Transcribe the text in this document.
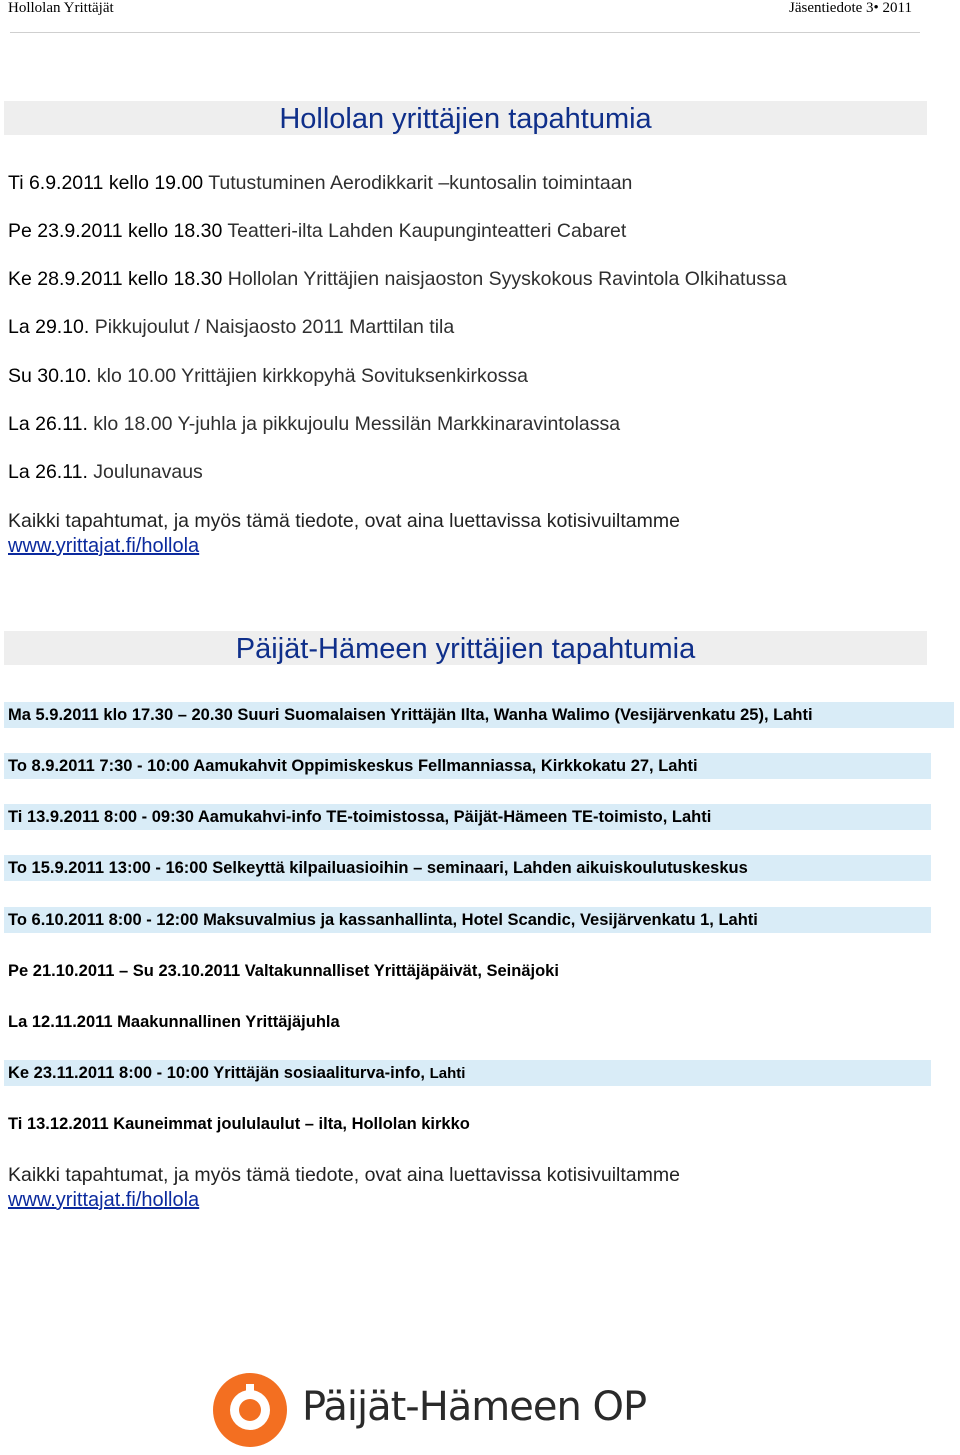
Hollolan Yrittäjät	Jäsentiedote 3• 2011
Hollolan yrittäjien tapahtumia
Ti 6.9.2011 kello 19.00 Tutustuminen Aerodikkarit –kuntosalin toimintaan
Pe 23.9.2011 kello 18.30 Teatteri-ilta Lahden Kaupunginteatteri Cabaret
Ke 28.9.2011 kello 18.30 Hollolan Yrittäjien naisjaoston Syyskokous Ravintola Olkihatussa
La 29.10. Pikkujoulut / Naisjaosto 2011 Marttilan tila
Su 30.10. klo 10.00 Yrittäjien kirkkopyhä Sovituksenkirkossa
La 26.11. klo 18.00 Y-juhla ja pikkujoulu Messilän Markkinaravintolassa
La 26.11. Joulunavaus
Kaikki tapahtumat, ja myös tämä tiedote, ovat aina luettavissa kotisivuiltamme
www.yrittajat.fi/hollola
Päijät-Hämeen yrittäjien tapahtumia
Ma 5.9.2011 klo 17.30 – 20.30 Suuri Suomalaisen Yrittäjän Ilta, Wanha Walimo (Vesijärvenkatu 25), Lahti
To 8.9.2011 7:30 - 10:00 Aamukahvit Oppimiskeskus Fellmanniassa, Kirkkokatu 27, Lahti
Ti 13.9.2011 8:00 - 09:30 Aamukahvi-info TE-toimistossa, Päijät-Hämeen TE-toimisto, Lahti
To 15.9.2011 13:00 - 16:00 Selkeyttä kilpailuasioihin – seminaari, Lahden aikuiskoulutuskeskus
To 6.10.2011 8:00 - 12:00 Maksuvalmius ja kassanhallinta, Hotel Scandic, Vesijärvenkatu 1, Lahti
Pe 21.10.2011 – Su 23.10.2011 Valtakunnalliset Yrittäjäpäivät, Seinäjoki
La 12.11.2011 Maakunnallinen Yrittäjäjuhla
Ke 23.11.2011 8:00 - 10:00 Yrittäjän sosiaaliturva-info, Lahti
Ti 13.12.2011 Kauneimmat joululaulut – ilta, Hollolan kirkko
Kaikki tapahtumat, ja myös tämä tiedote, ovat aina luettavissa kotisivuiltamme
www.yrittajat.fi/hollola
Päijät-Hämeen OP
